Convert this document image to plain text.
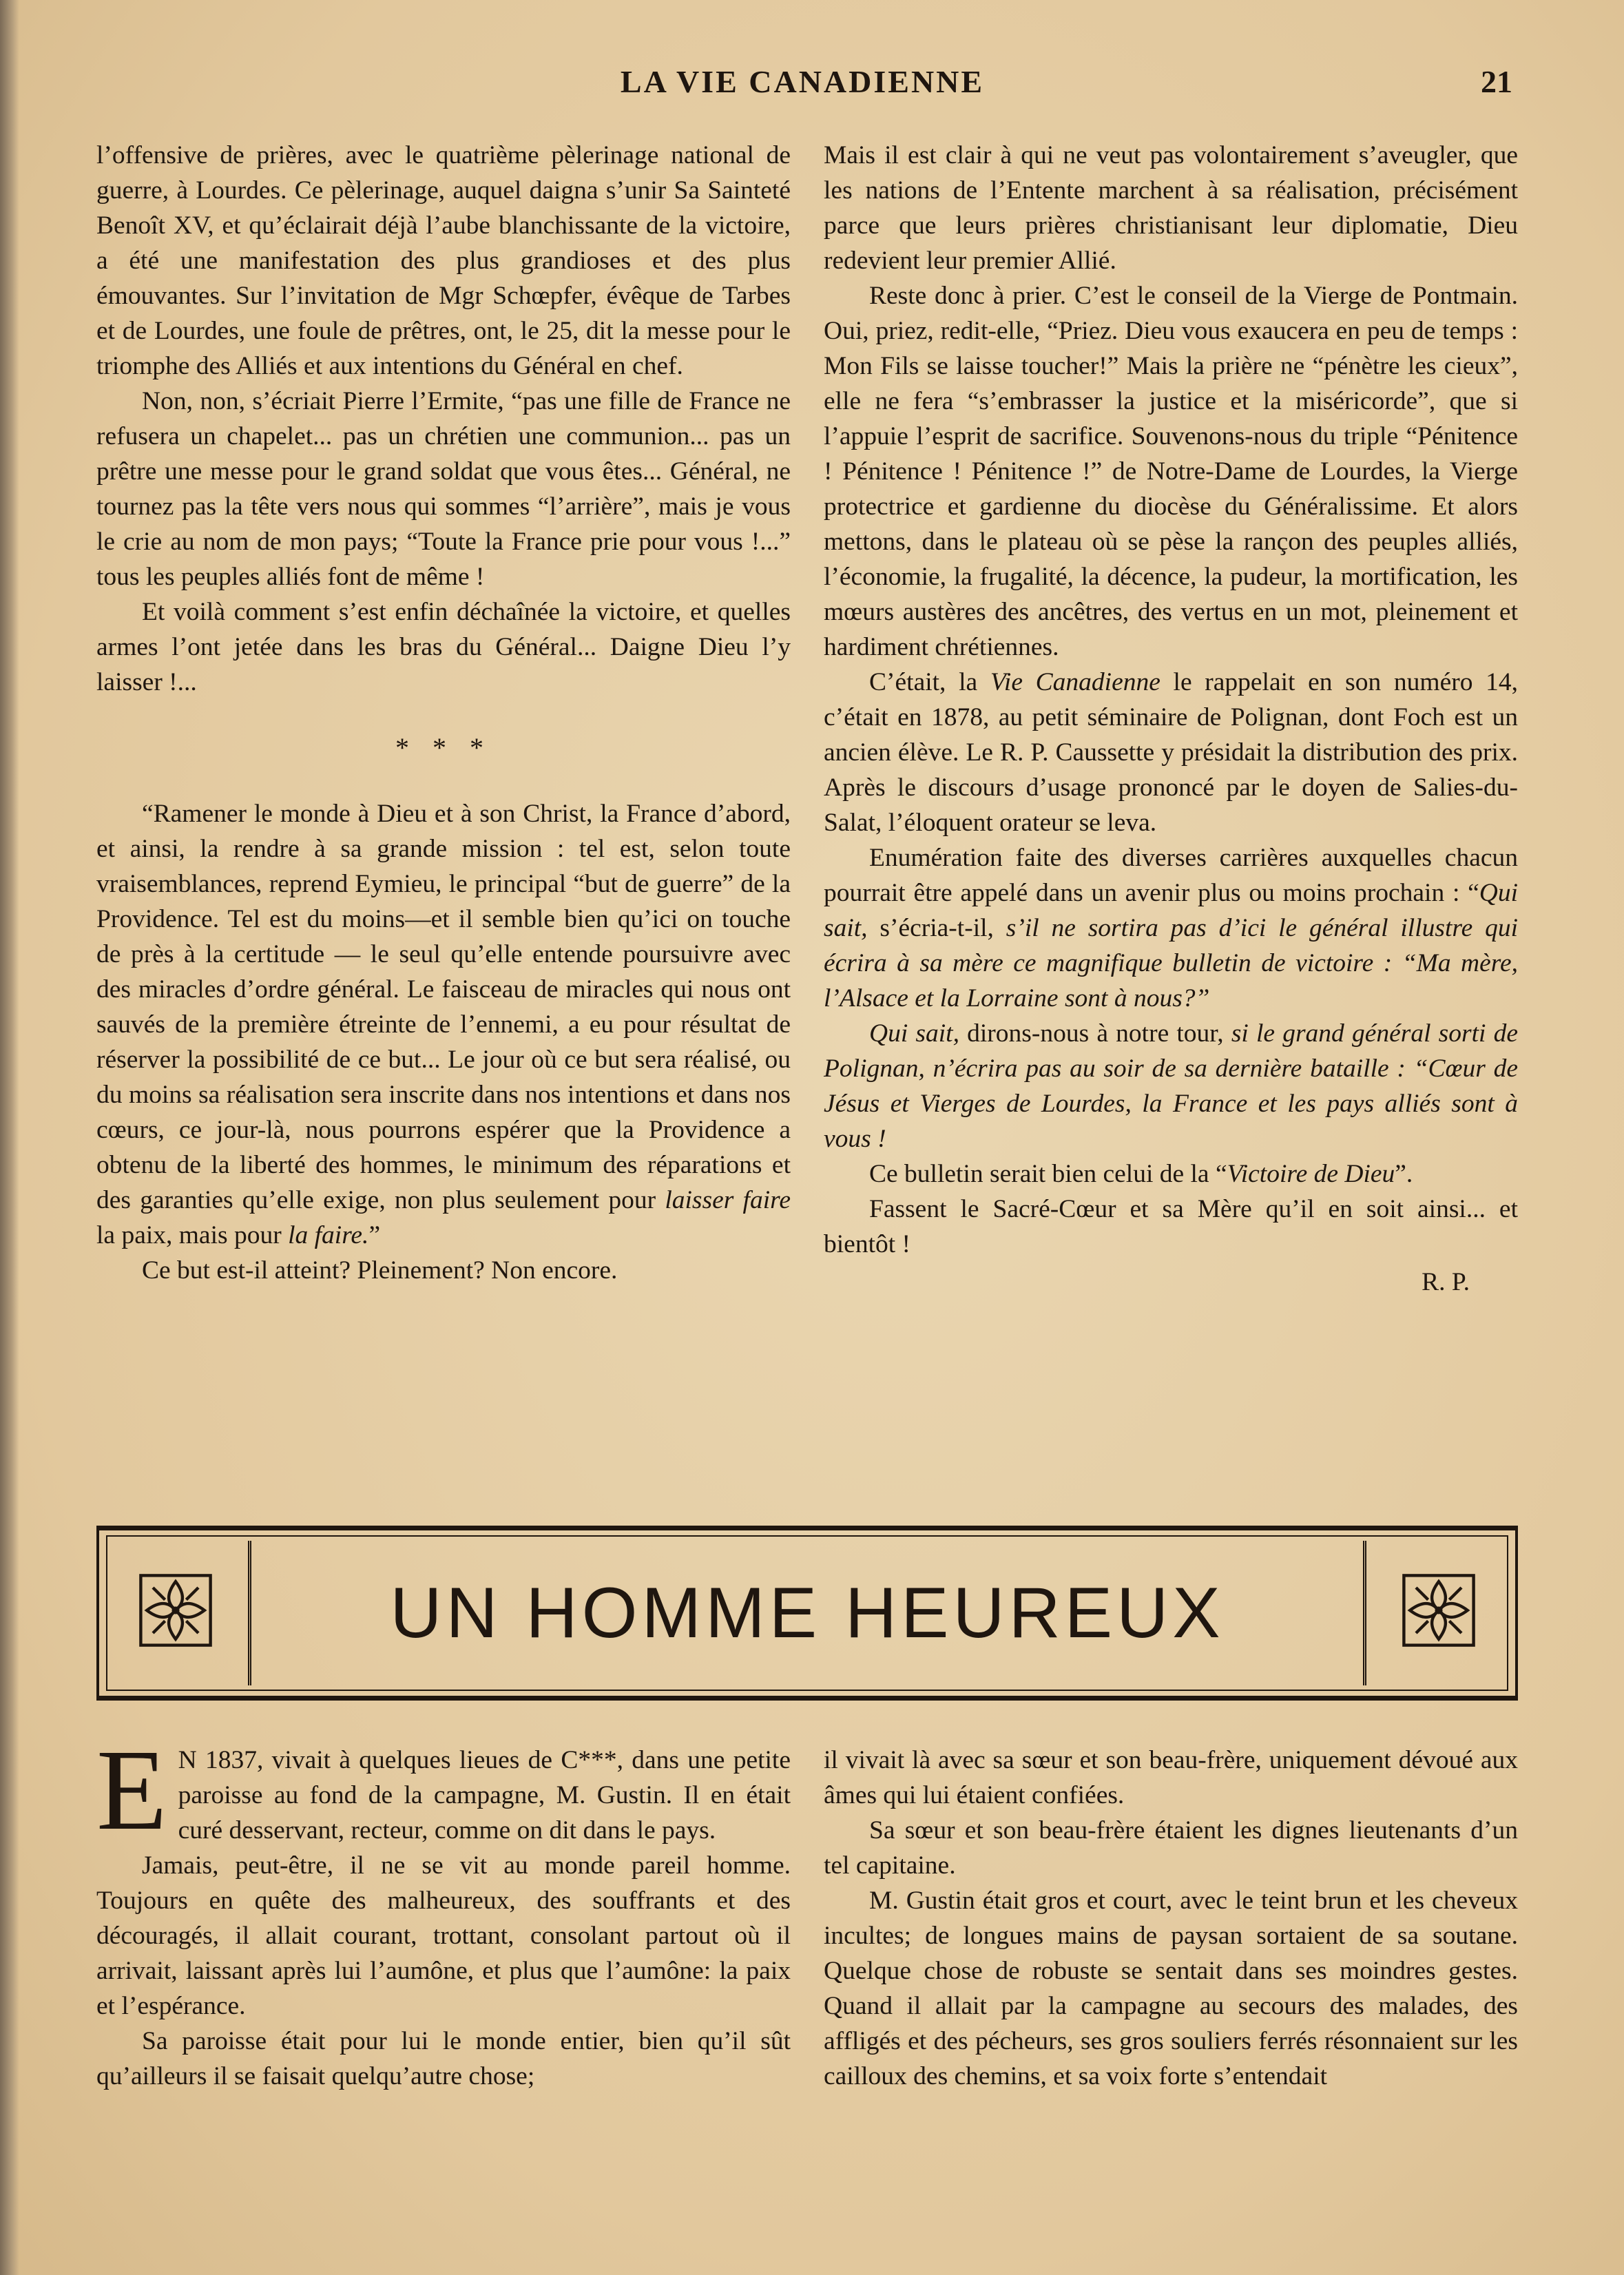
LA VIE CANADIENNE	21

l’offensive de prières, avec le quatrième pèlerinage national de guerre, à Lourdes. Ce pèlerinage, auquel daigna s’unir Sa Sainteté Benoît XV, et qu’éclairait déjà l’aube blanchissante de la victoire, a été une manifestation des plus grandioses et des plus émouvantes. Sur l’invitation de Mgr Schœpfer, évêque de Tarbes et de Lourdes, une foule de prêtres, ont, le 25, dit la messe pour le triomphe des Alliés et aux intentions du Général en chef.

Non, non, s’écriait Pierre l’Ermite, “pas une fille de France ne refusera un chapelet... pas un chrétien une communion... pas un prêtre une messe pour le grand soldat que vous êtes... Général, ne tournez pas la tête vers nous qui sommes “l’arrière”, mais je vous le crie au nom de mon pays; “Toute la France prie pour vous !...” tous les peuples alliés font de même !

Et voilà comment s’est enfin déchaînée la victoire, et quelles armes l’ont jetée dans les bras du Général... Daigne Dieu l’y laisser !...

* * *

“Ramener le monde à Dieu et à son Christ, la France d’abord, et ainsi, la rendre à sa grande mission : tel est, selon toute vraisemblances, reprend Eymieu, le principal “but de guerre” de la Providence. Tel est du moins—et il semble bien qu’ici on touche de près à la certitude — le seul qu’elle entende poursuivre avec des miracles d’ordre général. Le faisceau de miracles qui nous ont sauvés de la première étreinte de l’ennemi, a eu pour résultat de réserver la possibilité de ce but... Le jour où ce but sera réalisé, ou du moins sa réalisation sera inscrite dans nos intentions et dans nos cœurs, ce jour-là, nous pourrons espérer que la Providence a obtenu de la liberté des hommes, le minimum des réparations et des garanties qu’elle exige, non plus seulement pour laisser faire la paix, mais pour la faire.”

Ce but est-il atteint? Pleinement? Non encore.

Mais il est clair à qui ne veut pas volontairement s’aveugler, que les nations de l’Entente marchent à sa réalisation, précisément parce que leurs prières christianisant leur diplomatie, Dieu redevient leur premier Allié.

Reste donc à prier. C’est le conseil de la Vierge de Pontmain. Oui, priez, redit-elle, “Priez. Dieu vous exaucera en peu de temps : Mon Fils se laisse toucher!” Mais la prière ne “pénètre les cieux”, elle ne fera “s’embrasser la justice et la miséricorde”, que si l’appuie l’esprit de sacrifice. Souvenons-nous du triple “Pénitence ! Pénitence ! Pénitence !” de Notre-Dame de Lourdes, la Vierge protectrice et gardienne du diocèse du Généralissime. Et alors mettons, dans le plateau où se pèse la rançon des peuples alliés, l’économie, la frugalité, la décence, la pudeur, la mortification, les mœurs austères des ancêtres, des vertus en un mot, pleinement et hardiment chrétiennes.

C’était, la Vie Canadienne le rappelait en son numéro 14, c’était en 1878, au petit séminaire de Polignan, dont Foch est un ancien élève. Le R. P. Caussette y présidait la distribution des prix. Après le discours d’usage prononcé par le doyen de Salies-du-Salat, l’éloquent orateur se leva.

Enumération faite des diverses carrières auxquelles chacun pourrait être appelé dans un avenir plus ou moins prochain : “Qui sait, s’écria-t-il, s’il ne sortira pas d’ici le général illustre qui écrira à sa mère ce magnifique bulletin de victoire : “Ma mère, l’Alsace et la Lorraine sont à nous?”

Qui sait, dirons-nous à notre tour, si le grand général sorti de Polignan, n’écrira pas au soir de sa dernière bataille : “Cœur de Jésus et Vierges de Lourdes, la France et les pays alliés sont à vous !

Ce bulletin serait bien celui de la “Victoire de Dieu”.

Fassent le Sacré-Cœur et sa Mère qu’il en soit ainsi... et bientôt !

R. P.
UN HOMME HEUREUX

E N 1837, vivait à quelques lieues de C***, dans une petite paroisse au fond de la campagne, M. Gustin. Il en était curé desservant, recteur, comme on dit dans le pays.

Jamais, peut-être, il ne se vit au monde pareil homme. Toujours en quête des malheureux, des souffrants et des découragés, il allait courant, trottant, consolant partout où il arrivait, laissant après lui l’aumône, et plus que l’aumône: la paix et l’espérance.

Sa paroisse était pour lui le monde entier, bien qu’il sût qu’ailleurs il se faisait quelqu’autre chose;

il vivait là avec sa sœur et son beau-frère, uniquement dévoué aux âmes qui lui étaient confiées.

Sa sœur et son beau-frère étaient les dignes lieutenants d’un tel capitaine.

M. Gustin était gros et court, avec le teint brun et les cheveux incultes; de longues mains de paysan sortaient de sa soutane. Quelque chose de robuste se sentait dans ses moindres gestes. Quand il allait par la campagne au secours des malades, des affligés et des pécheurs, ses gros souliers ferrés résonnaient sur les cailloux des chemins, et sa voix forte s’entendait
